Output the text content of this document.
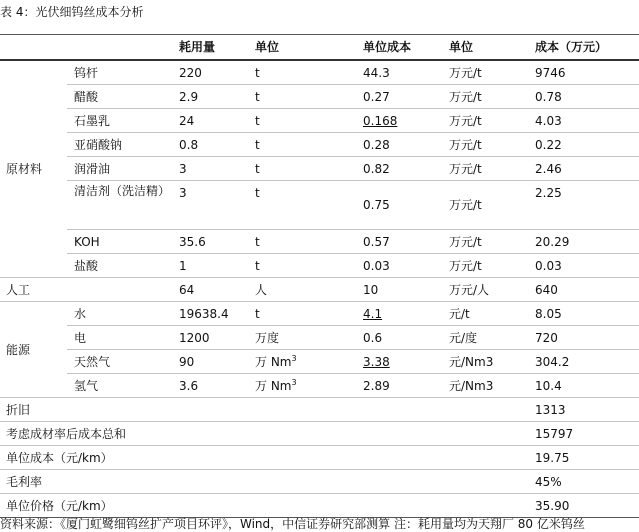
表 4：光伏细钨丝成本分析
		耗用量	单位	单位成本	单位	成本（万元）
原材料	钨杆	220	t	44.3	万元/t	9746
	醋酸	2.9	t	0.27	万元/t	0.78
	石墨乳	24	t	0.168	万元/t	4.03
	亚硝酸钠	0.8	t	0.28	万元/t	0.22
	润滑油	3	t	0.82	万元/t	2.46
	清洁剂（洗洁精）	3	t	0.75	万元/t	2.25
	KOH	35.6	t	0.57	万元/t	20.29
	盐酸	1	t	0.03	万元/t	0.03
人工		64	人	10	万元/人	640
能源	水	19638.4	t	4.1	元/t	8.05
	电	1200	万度	0.6	元/度	720
	天然气	90	万 Nm$^3$	3.38	元/Nm3	304.2
	氢气	3.6	万 Nm$^3$	2.89	元/Nm3	10.4
折旧						1313
考虑成材率后成本总和						15797
单位成本（元/km）						19.75
毛利率						45%
单位价格（元/km）						35.90
资料来源：《厦门虹鹭细钨丝扩产项目环评》，Wind，中信证券研究部测算 注：耗用量均为天翔厂 80 亿米钨丝
